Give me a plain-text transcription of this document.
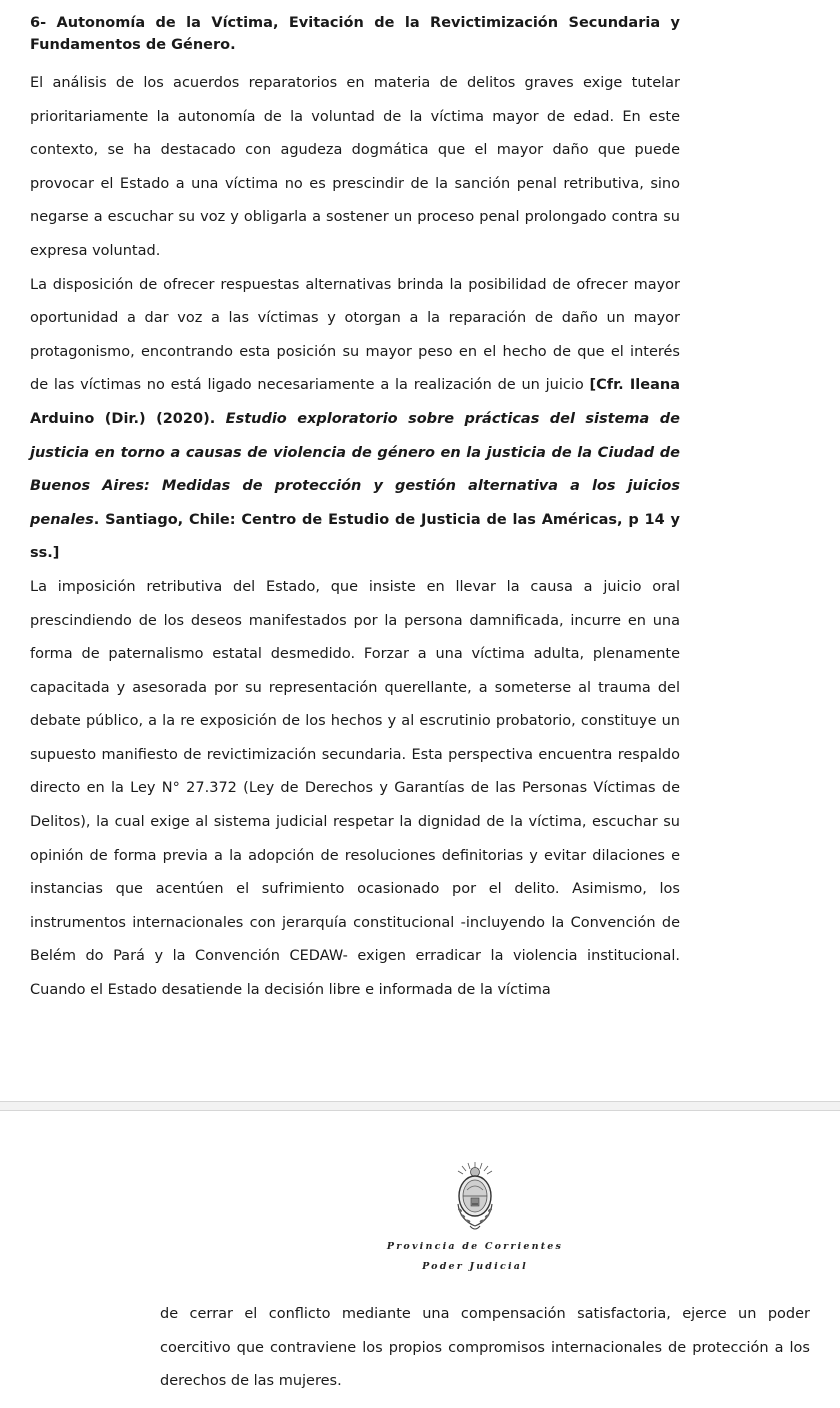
6- Autonomía de la Víctima, Evitación de la Revictimización Secundaria y Fundamentos de Género.

El análisis de los acuerdos reparatorios en materia de delitos graves exige tutelar prioritariamente la autonomía de la voluntad de la víctima mayor de edad. En este contexto, se ha destacado con agudeza dogmática que el mayor daño que puede provocar el Estado a una víctima no es prescindir de la sanción penal retributiva, sino negarse a escuchar su voz y obligarla a sostener un proceso penal prolongado contra su expresa voluntad.

La disposición de ofrecer respuestas alternativas brinda la posibilidad de ofrecer mayor oportunidad a dar voz a las víctimas y otorgan a la reparación de daño un mayor protagonismo, encontrando esta posición su mayor peso en el hecho de que el interés de las víctimas no está ligado necesariamente a la realización de un juicio [Cfr. Ileana Arduino (Dir.) (2020). Estudio exploratorio sobre prácticas del sistema de justicia en torno a causas de violencia de género en la justicia de la Ciudad de Buenos Aires: Medidas de protección y gestión alternativa a los juicios penales. Santiago, Chile: Centro de Estudio de Justicia de las Américas, p 14 y ss.]

La imposición retributiva del Estado, que insiste en llevar la causa a juicio oral prescindiendo de los deseos manifestados por la persona damnificada, incurre en una forma de paternalismo estatal desmedido. Forzar a una víctima adulta, plenamente capacitada y asesorada por su representación querellante, a someterse al trauma del debate público, a la re exposición de los hechos y al escrutinio probatorio, constituye un supuesto manifiesto de revictimización secundaria. Esta perspectiva encuentra respaldo directo en la Ley N° 27.372 (Ley de Derechos y Garantías de las Personas Víctimas de Delitos), la cual exige al sistema judicial respetar la dignidad de la víctima, escuchar su opinión de forma previa a la adopción de resoluciones definitorias y evitar dilaciones e instancias que acentúen el sufrimiento ocasionado por el delito. Asimismo, los instrumentos internacionales con jerarquía constitucional -incluyendo la Convención de Belém do Pará y la Convención CEDAW- exigen erradicar la violencia institucional. Cuando el Estado desatiende la decisión libre e informada de la víctima

Provincia de Corrientes
Poder Judicial

de cerrar el conflicto mediante una compensación satisfactoria, ejerce un poder coercitivo que contraviene los propios compromisos internacionales de protección a los derechos de las mujeres.
